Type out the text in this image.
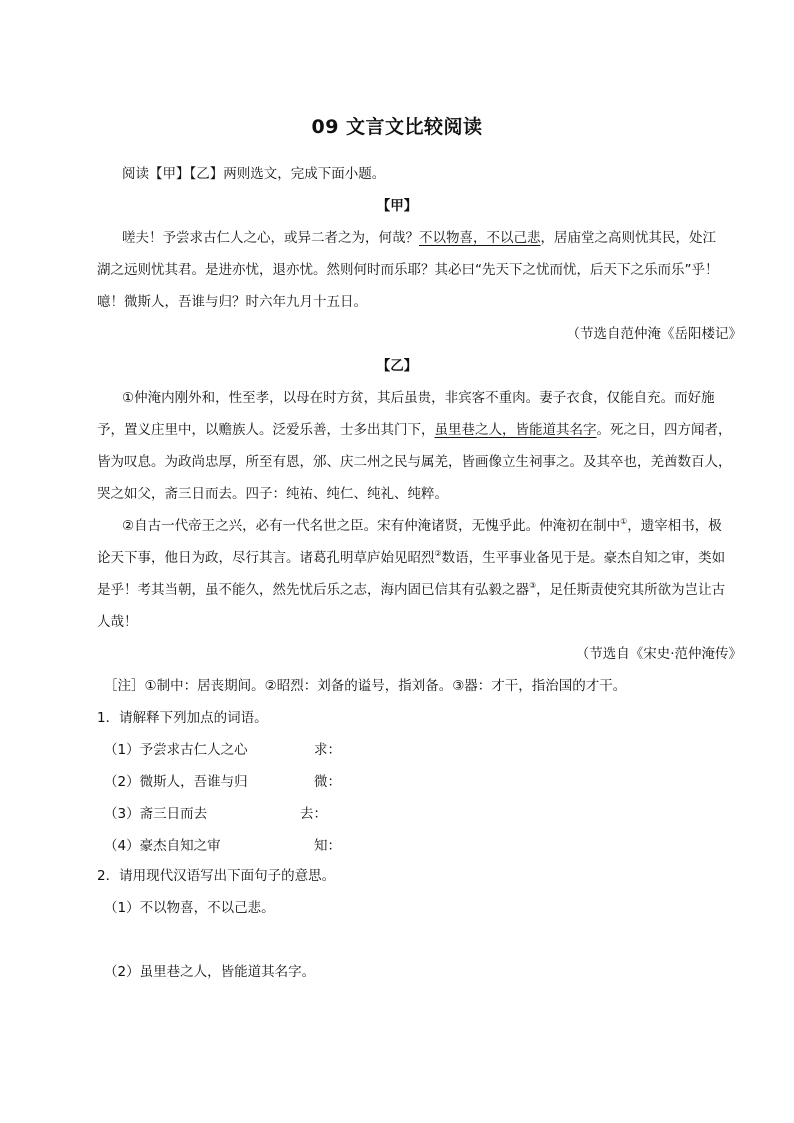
09 文言文比较阅读
阅读【甲】【乙】两则选文，完成下面小题。
【甲】
嗟夫！予尝求古仁人之心，或异二者之为，何哉？不以物喜，不以己悲，居庙堂之高则忧其民，处江
湖之远则忧其君。是进亦忧，退亦忧。然则何时而乐耶？其必曰“先天下之忧而忧，后天下之乐而乐”乎！
噫！微斯人，吾谁与归？时六年九月十五日。
（节选自范仲淹《岳阳楼记》
【乙】
①仲淹内刚外和，性至孝，以母在时方贫，其后虽贵，非宾客不重肉。妻子衣食，仅能自充。而好施
予，置义庄里中，以赡族人。泛爱乐善，士多出其门下，虽里巷之人，皆能道其名字。死之日，四方闻者，
皆为叹息。为政尚忠厚，所至有恩，邠、庆二州之民与属羌，皆画像立生祠事之。及其卒也，羌酋数百人，
哭之如父，斋三日而去。四子：纯祐、纯仁、纯礼、纯粹。
②自古一代帝王之兴，必有一代名世之臣。宋有仲淹诸贤，无愧乎此。仲淹初在制中①，遗宰相书，极
论天下事，他日为政，尽行其言。诸葛孔明草庐始见昭烈②数语，生平事业备见于是。豪杰自知之审，类如
是乎！考其当朝，虽不能久，然先忧后乐之志，海内固已信其有弘毅之器③，足任斯责使究其所欲为岂让古
人哉！
（节选自《宋史·范仲淹传》
［注］①制中：居丧期间。②昭烈：刘备的谥号，指刘备。③器：才干，指治国的才干。
1．请解释下列加点的词语。
（1）予尝求古仁人之心	求：
（2）微斯人，吾谁与归	微：
（3）斋三日而去	去：
（4）豪杰自知之审	知：
2．请用现代汉语写出下面句子的意思。
（1）不以物喜，不以己悲。
（2）虽里巷之人，皆能道其名字。
